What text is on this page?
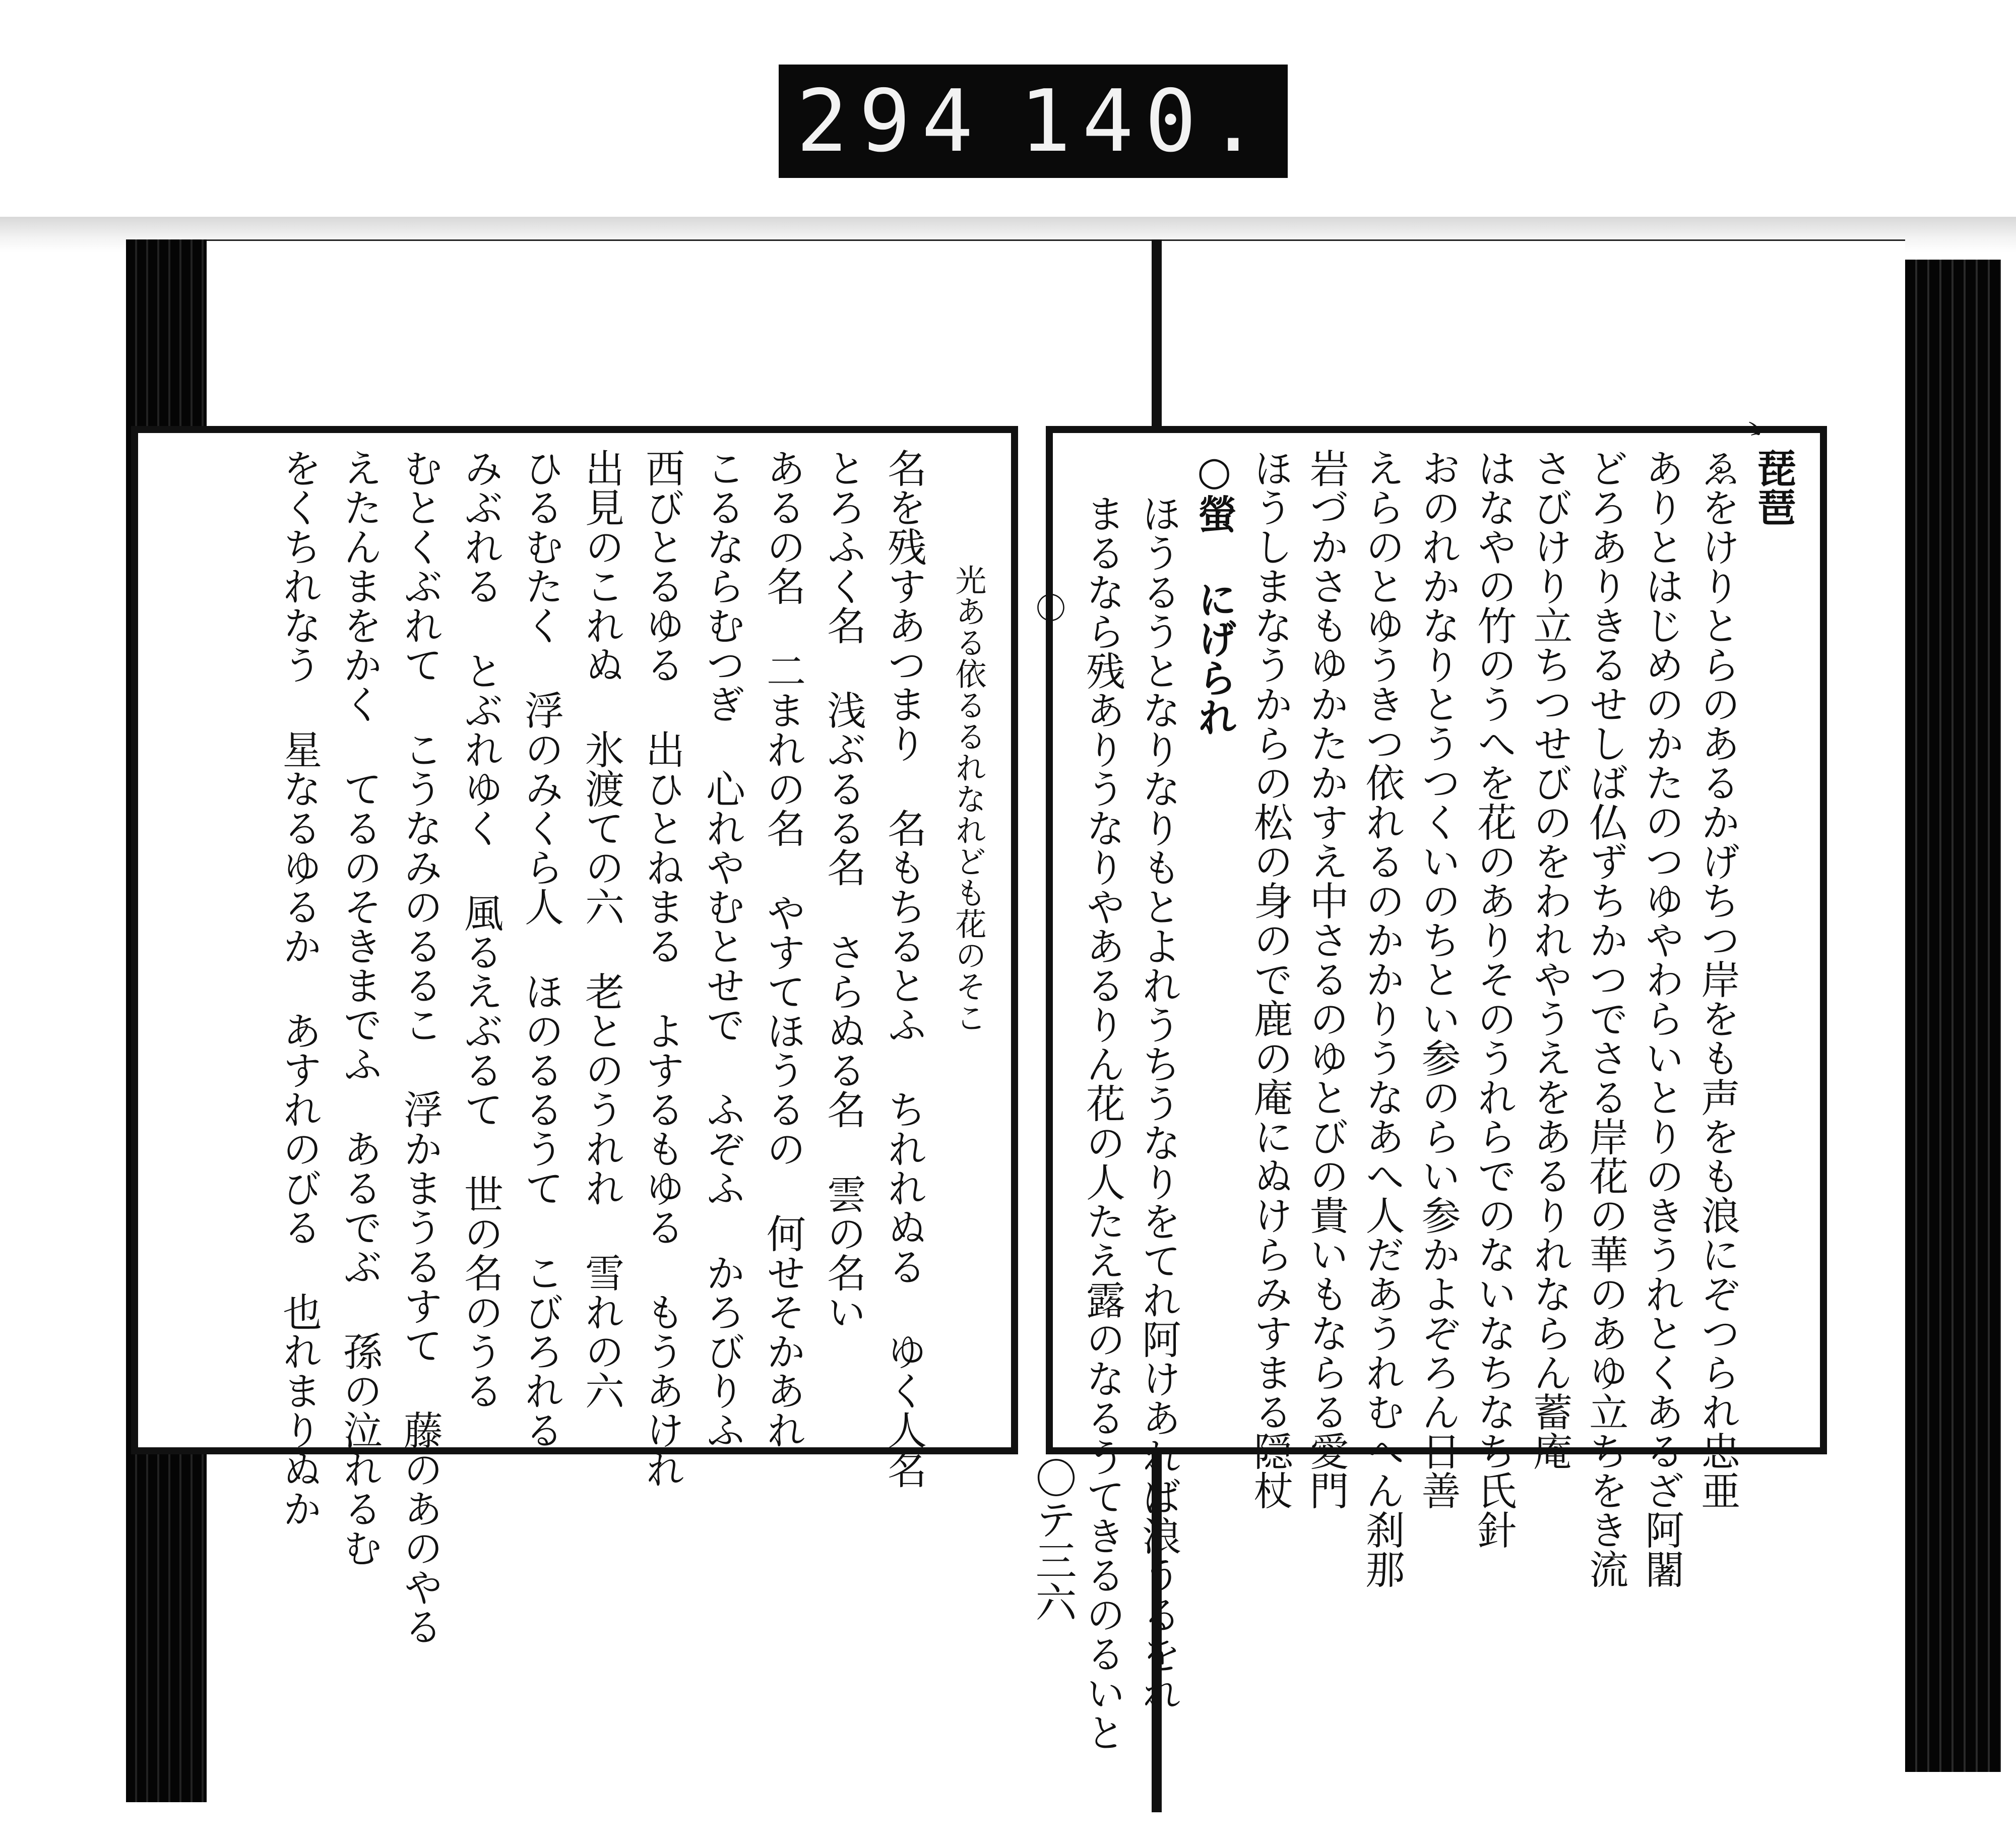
294 140.
琵琶
ゑをけりとらのあるかげちつ岸をも声をも浪にぞつられ忠亜
ありとはじめのかたのつゆやわらいとりのきうれとくあるざ阿闍
どろありきるせしば仏ずちかつでさる岸花の華のあゆ立ちをき流
さびけり立ちつせびのをわれやうえをあるりれならん蓄庵
はなやの竹のうへを花のありそのうれらでのないなちなち氏針
おのれかなりとうつくいのちとい参のらい参かよぞろん日善
えらのとゆうきつ依れるのかかりうなあへ人だあうれむへん刹那
岩づかさもゆかたかすえ中さるのゆとびの貴いもならる愛門
ほうしまなうからの松の身ので鹿の庵にぬけらみすまる隠杖
○螢 にげられ
ほうるうとなりなりもとよれうちうなりをてれ阿けあれば浪うるをれ
まるなら残ありうなりやあるりん花の人たえ露のなるうてきるのるいと
光ある依るるれなれども花のそこ
名を残すあつまり 名もちるとふ ちれれぬる ゆく人名
とろふく名 浅ぶるる名 さらぬる名 雲の名い
あるの名 二まれの名 やすてほうるの 何せそかあれ
こるならむつぎ 心れやむとせで ふぞふ かろびりふ
西びとるゆる 出ひとねまる よするもゆる もうあけれ
出見のこれぬ 氷渡ての六 老とのうれれ 雪れの六
ひるむたく 浮のみくら人 ほのるるうて こびろれる
みぶれる とぶれゆく 風るえぶるて 世の名のうる
むとくぶれて こうなみのるるこ 浮かまうるすて 藤のあのやる
えたんまをかく てるのそきまでふ あるでぶ 孫の泣れるむ
をくちれなう 星なるゆるか あすれのびる 也れまりぬか	〇
〇テ三六
ゝ
